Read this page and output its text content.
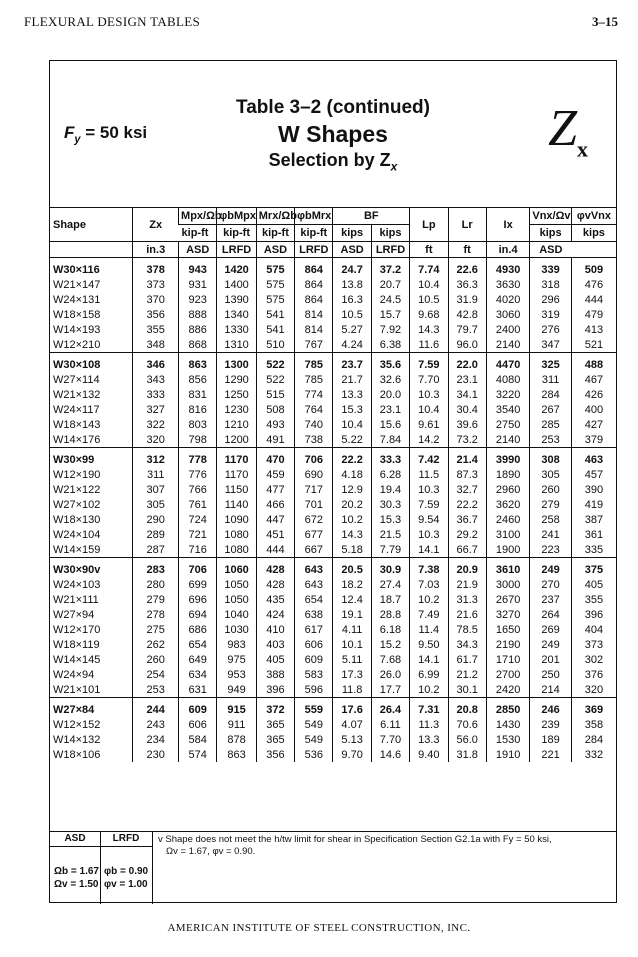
FLEXURAL DESIGN TABLES	3–15
Table 3–2 (continued)
W Shapes
Selection by $Z_x$
$F_y = 50$ ksi	$Z_x$
Shape	Zx	Mpx/Ωb	φbMpx	Mrx/Ωb	φbMrx	BF		Lp	Lr	Ix	Vnx/Ωv	φvVnx
		kip-ft	kip-ft	kip-ft	kip-ft	kips	kips				kips	kips
	in.3	ASD	LRFD	ASD	LRFD	ASD	LRFD	ft	ft	in.4	ASD	
W30×116	378	943	1420	575	864	24.7	37.2	7.74	22.6	4930	339	509
W21×147	373	931	1400	575	864	13.8	20.7	10.4	36.3	3630	318	476
W24×131	370	923	1390	575	864	16.3	24.5	10.5	31.9	4020	296	444
W18×158	356	888	1340	541	814	10.5	15.7	9.68	42.8	3060	319	479
W14×193	355	886	1330	541	814	5.27	7.92	14.3	79.7	2400	276	413
W12×210	348	868	1310	510	767	4.24	6.38	11.6	96.0	2140	347	521
W30×108	346	863	1300	522	785	23.7	35.6	7.59	22.0	4470	325	488
W27×114	343	856	1290	522	785	21.7	32.6	7.70	23.1	4080	311	467
W21×132	333	831	1250	515	774	13.3	20.0	10.3	34.1	3220	284	426
W24×117	327	816	1230	508	764	15.3	23.1	10.4	30.4	3540	267	400
W18×143	322	803	1210	493	740	10.4	15.6	9.61	39.6	2750	285	427
W14×176	320	798	1200	491	738	5.22	7.84	14.2	73.2	2140	253	379
W30×99	312	778	1170	470	706	22.2	33.3	7.42	21.4	3990	308	463
W12×190	311	776	1170	459	690	4.18	6.28	11.5	87.3	1890	305	457
W21×122	307	766	1150	477	717	12.9	19.4	10.3	32.7	2960	260	390
W27×102	305	761	1140	466	701	20.2	30.3	7.59	22.2	3620	279	419
W18×130	290	724	1090	447	672	10.2	15.3	9.54	36.7	2460	258	387
W24×104	289	721	1080	451	677	14.3	21.5	10.3	29.2	3100	241	361
W14×159	287	716	1080	444	667	5.18	7.79	14.1	66.7	1900	223	335
W30×90v	283	706	1060	428	643	20.5	30.9	7.38	20.9	3610	249	375
W24×103	280	699	1050	428	643	18.2	27.4	7.03	21.9	3000	270	405
W21×111	279	696	1050	435	654	12.4	18.7	10.2	31.3	2670	237	355
W27×94	278	694	1040	424	638	19.1	28.8	7.49	21.6	3270	264	396
W12×170	275	686	1030	410	617	4.11	6.18	11.4	78.5	1650	269	404
W18×119	262	654	983	403	606	10.1	15.2	9.50	34.3	2190	249	373
W14×145	260	649	975	405	609	5.11	7.68	14.1	61.7	1710	201	302
W24×94	254	634	953	388	583	17.3	26.0	6.99	21.2	2700	250	376
W21×101	253	631	949	396	596	11.8	17.7	10.2	30.1	2420	214	320
W27×84	244	609	915	372	559	17.6	26.4	7.31	20.8	2850	246	369
W12×152	243	606	911	365	549	4.07	6.11	11.3	70.6	1430	239	358
W14×132	234	584	878	365	549	5.13	7.70	13.3	56.0	1530	189	284
W18×106	230	574	863	356	536	9.70	14.6	9.40	31.8	1910	221	332
ASD
Ωb = 1.67
Ωv = 1.50
LRFD
φb = 0.90
φv = 1.00
v Shape does not meet the h/tw limit for shear in Specification Section G2.1a with Fy = 50 ksi,
Ωv = 1.67, φv = 0.90.
AMERICAN INSTITUTE OF STEEL CONSTRUCTION, INC.
